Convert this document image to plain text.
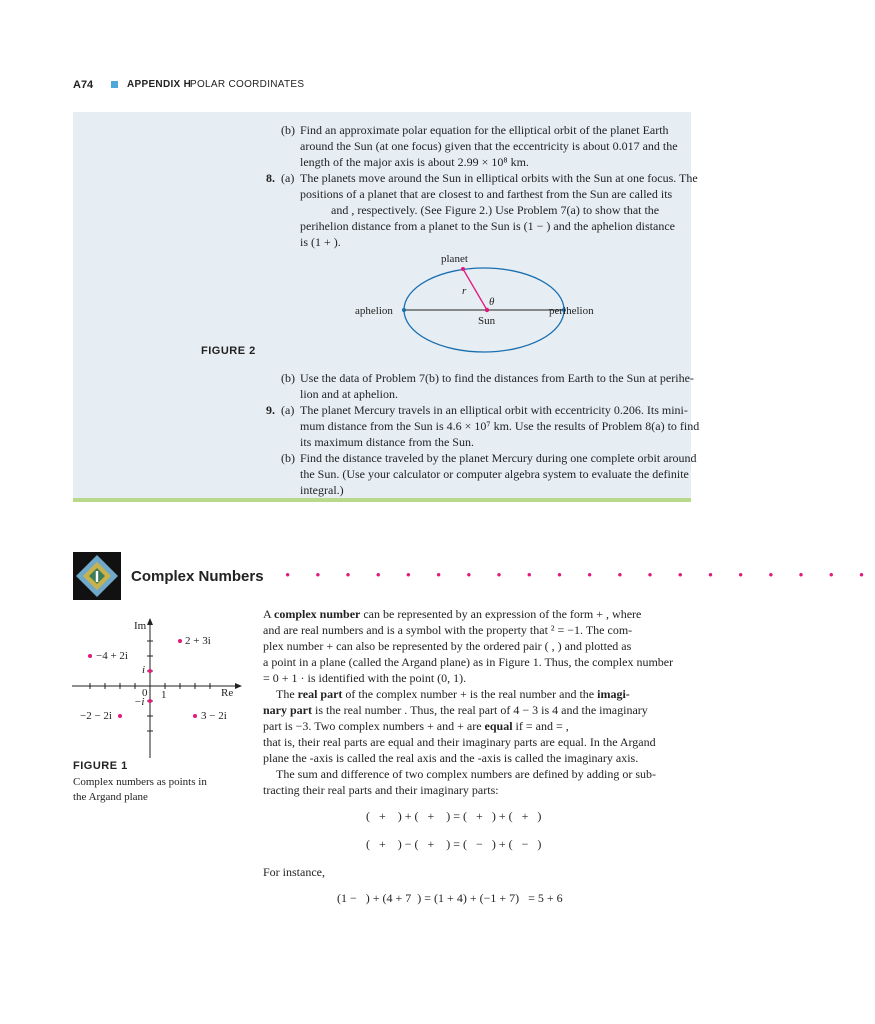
A74	APPENDIX H
POLAR COORDINATES
(b) Find an approximate polar equation for the elliptical orbit of the planet Earth
around the Sun (at one focus) given that the eccentricity is about 0.017 and the
length of the major axis is about 2.99 × 10⁸ km.
8. (a) The planets move around the Sun in elliptical orbits with the Sun at one focus. The
positions of a planet that are closest to and farthest from the Sun are called its
and , respectively. (See Figure 2.) Use Problem 7(a) to show that the
perihelion distance from a planet to the Sun is (1 − ) and the aphelion distance
is (1 + ).
planet
r
θ
Sun
aphelion	perihelion
FIGURE 2
(b) Use the data of Problem 7(b) to find the distances from Earth to the Sun at perihe-
lion and at aphelion.
9. (a) The planet Mercury travels in an elliptical orbit with eccentricity 0.206. Its mini-
mum distance from the Sun is 4.6 × 10⁷ km. Use the results of Problem 8(a) to find
its maximum distance from the Sun.
(b) Find the distance traveled by the planet Mercury during one complete orbit around
the Sun. (Use your calculator or computer algebra system to evaluate the definite
integral.)
I Complex Numbers • • • • • • • • • • • • • • • • • • • •
Im
Re
1
0
i
−i
2 + 3i
−4 + 2i
−2 − 2i	3 − 2i
FIGURE 1
Complex numbers as points in
the Argand plane
A complex number can be represented by an expression of the form + , where
and are real numbers and is a symbol with the property that ² = −1. The com-
plex number + can also be represented by the ordered pair ( , ) and plotted as
a point in a plane (called the Argand plane) as in Figure 1. Thus, the complex number
= 0 + 1 · is identified with the point (0, 1).
The real part of the complex number + is the real number and the imagi-
nary part is the real number . Thus, the real part of 4 − 3 is 4 and the imaginary
part is −3. Two complex numbers + and + are equal if = and = ,
that is, their real parts are equal and their imaginary parts are equal. In the Argand
plane the -axis is called the real axis and the -axis is called the imaginary axis.
The sum and difference of two complex numbers are defined by adding or sub-
tracting their real parts and their imaginary parts:
(   +    ) + (   +    ) = (   +   ) + (   +   )
(   +    ) − (   +    ) = (   −   ) + (   −   )
For instance,
(1 −   ) + (4 + 7  ) = (1 + 4) + (−1 + 7)   = 5 + 6
